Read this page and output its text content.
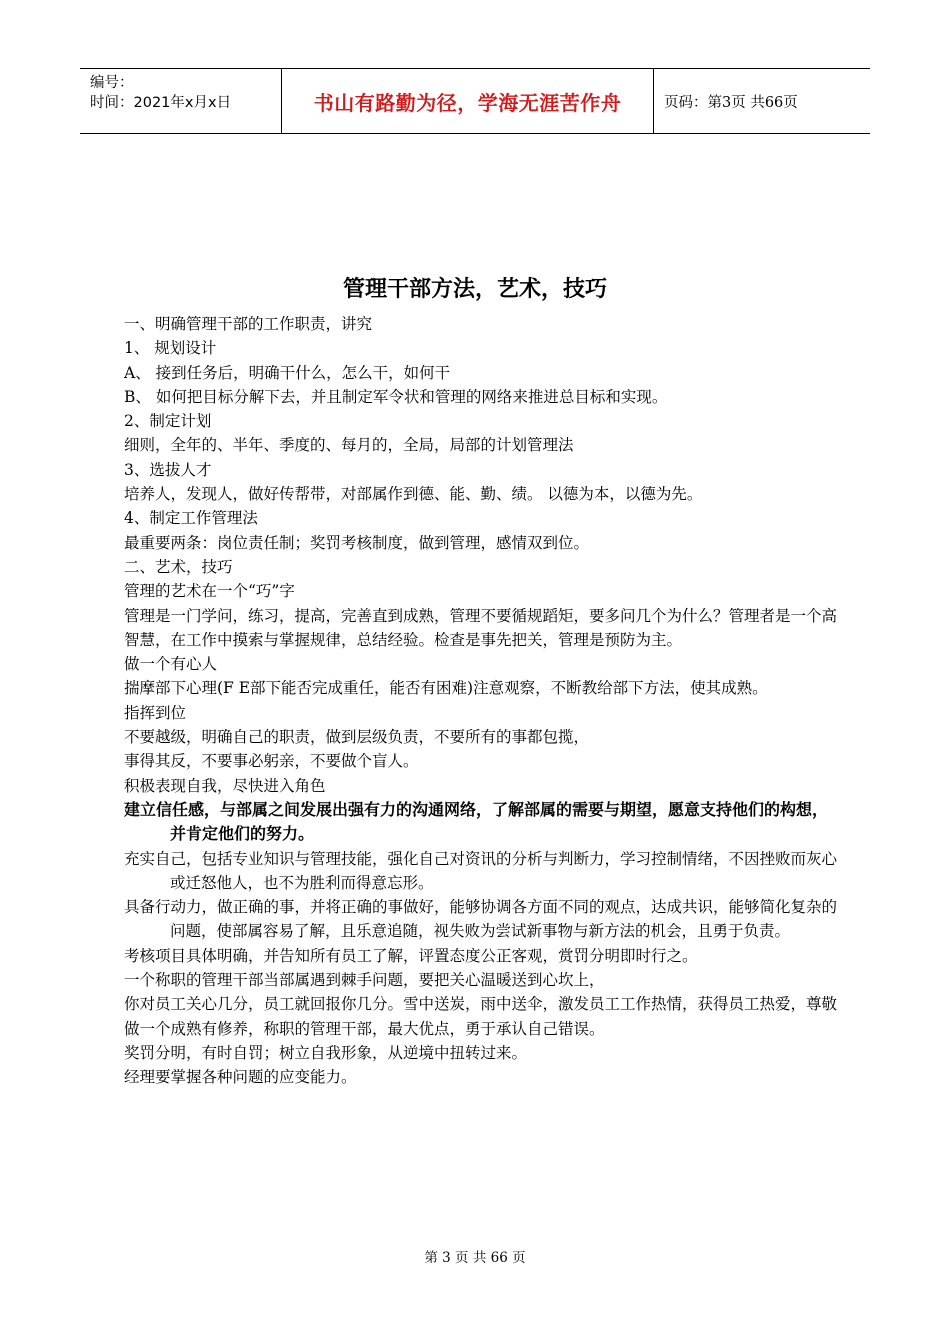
编号：
时间：2021年x月x日	书山有路勤为径，学海无涯苦作舟	页码：第3页 共66页
管理干部方法，艺术，技巧

一、明确管理干部的工作职责，讲究

1、 规划设计

A、 接到任务后，明确干什么，怎么干，如何干

B、 如何把目标分解下去，并且制定军令状和管理的网络来推进总目标和实现。

2、制定计划

细则，全年的、半年、季度的、每月的，全局，局部的计划管理法

3、选拔人才

培养人，发现人，做好传帮带，对部属作到德、能、勤、绩。 以德为本，以德为先。

4、制定工作管理法

最重要两条：岗位责任制；奖罚考核制度，做到管理，感情双到位。

二、艺术，技巧

管理的艺术在一个“巧”字

管理是一门学问，练习，提高，完善直到成熟，管理不要循规蹈矩，要多问几个为什么？管理者是一个高智慧，在工作中摸索与掌握规律，总结经验。检查是事先把关，管理是预防为主。

做一个有心人

揣摩部下心理(F E部下能否完成重任，能否有困难)注意观察，不断教给部下方法，使其成熟。

指挥到位

不要越级，明确自己的职责，做到层级负责，不要所有的事都包揽，

事得其反，不要事必躬亲，不要做个盲人。

积极表现自我，尽快进入角色

建立信任感，与部属之间发展出强有力的沟通网络，了解部属的需要与期望，愿意支持他们的构想，并肯定他们的努力。

充实自己，包括专业知识与管理技能，强化自己对资讯的分析与判断力，学习控制情绪，不因挫败而灰心或迁怒他人，也不为胜利而得意忘形。

具备行动力，做正确的事，并将正确的事做好，能够协调各方面不同的观点，达成共识，能够简化复杂的问题，使部属容易了解，且乐意追随，视失败为尝试新事物与新方法的机会，且勇于负责。

考核项目具体明确，并告知所有员工了解，评置态度公正客观，赏罚分明即时行之。

一个称职的管理干部当部属遇到棘手问题，要把关心温暖送到心坎上，

你对员工关心几分，员工就回报你几分。雪中送炭，雨中送伞，激发员工工作热情，获得员工热爱，尊敬

做一个成熟有修养，称职的管理干部，最大优点，勇于承认自己错误。

奖罚分明，有时自罚；树立自我形象，从逆境中扭转过来。

经理要掌握各种问题的应变能力。

第 3 页 共 66 页
